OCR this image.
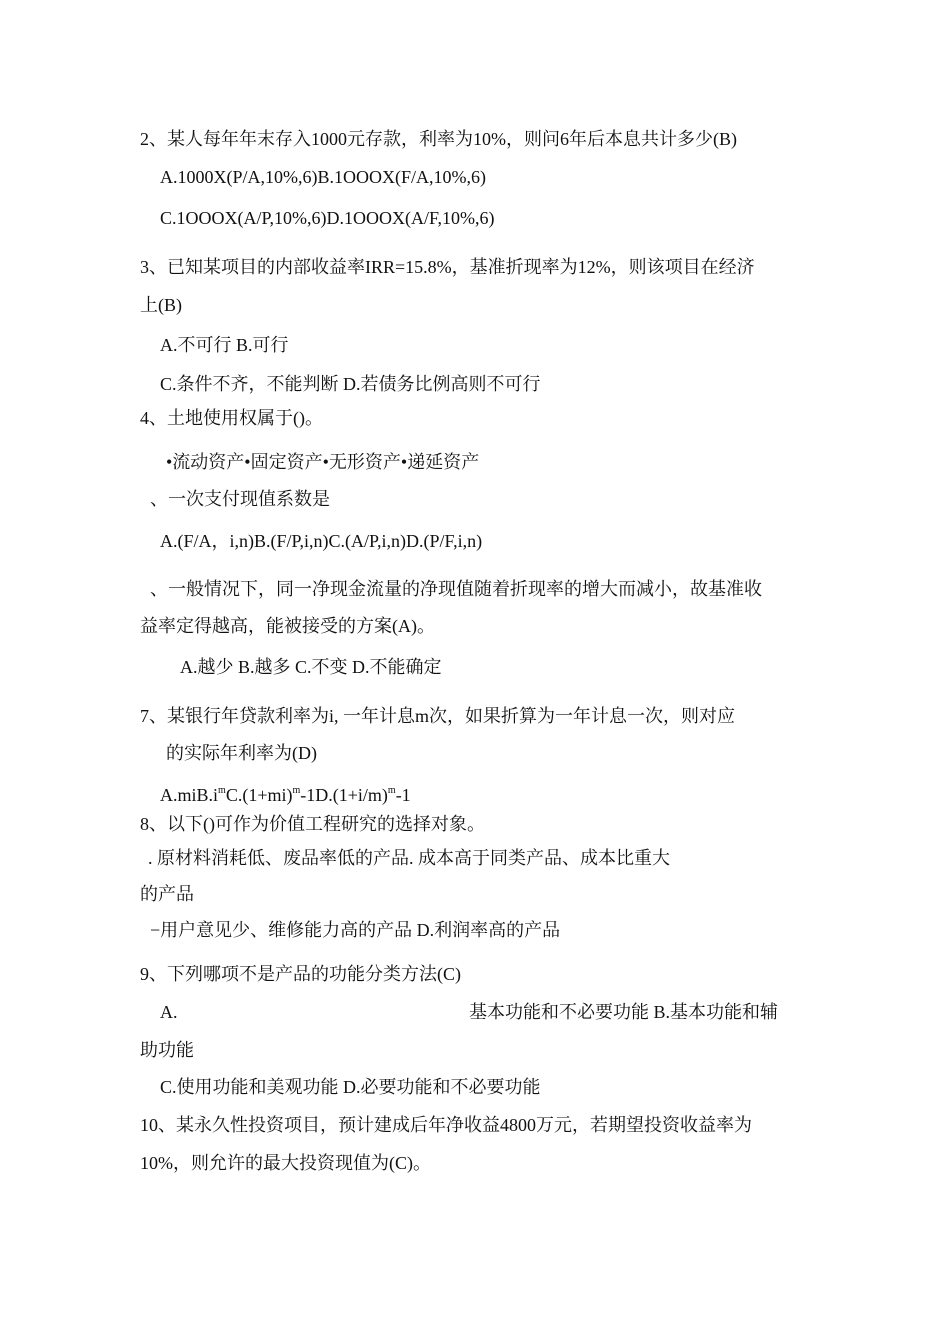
2、某人每年年末存入1000元存款，利率为10%，则问6年后本息共计多少(B)
A.1000X(P/A,10%,6)B.1OOOX(F/A,10%,6)
C.1OOOX(A/P,10%,6)D.1OOOX(A/F,10%,6)
3、已知某项目的内部收益率IRR=15.8%，基准折现率为12%，则该项目在经济
上(B)
A.不可行 B.可行
C.条件不齐，不能判断 D.若债务比例高则不可行
4、土地使用权属于()。
•流动资产•固定资产•无形资产•递延资产
、一次支付现值系数是
A.(F/A，i,n)B.(F/P,i,n)C.(A/P,i,n)D.(P/F,i,n)
、一般情况下，同一净现金流量的净现值随着折现率的增大而减小，故基准收
益率定得越高，能被接受的方案(A)。
A.越少 B.越多 C.不变 D.不能确定
7、某银行年贷款利率为i, 一年计息m次，如果折算为一年计息一次，则对应
的实际年利率为(D)
$A.miB.i^mC.(1+mi)^m-1D.(1+i/m)^m-1$
8、以下()可作为价值工程研究的选择对象。
. 原材料消耗低、废品率低的产品. 成本高于同类产品、成本比重大
的产品
−用户意见少、维修能力高的产品 D.利润率高的产品
9、下列哪项不是产品的功能分类方法(C)
A.	基本功能和不必要功能 B.基本功能和辅
助功能
C.使用功能和美观功能 D.必要功能和不必要功能
10、某永久性投资项目，预计建成后年净收益4800万元，若期望投资收益率为
10%，则允许的最大投资现值为(C)。
